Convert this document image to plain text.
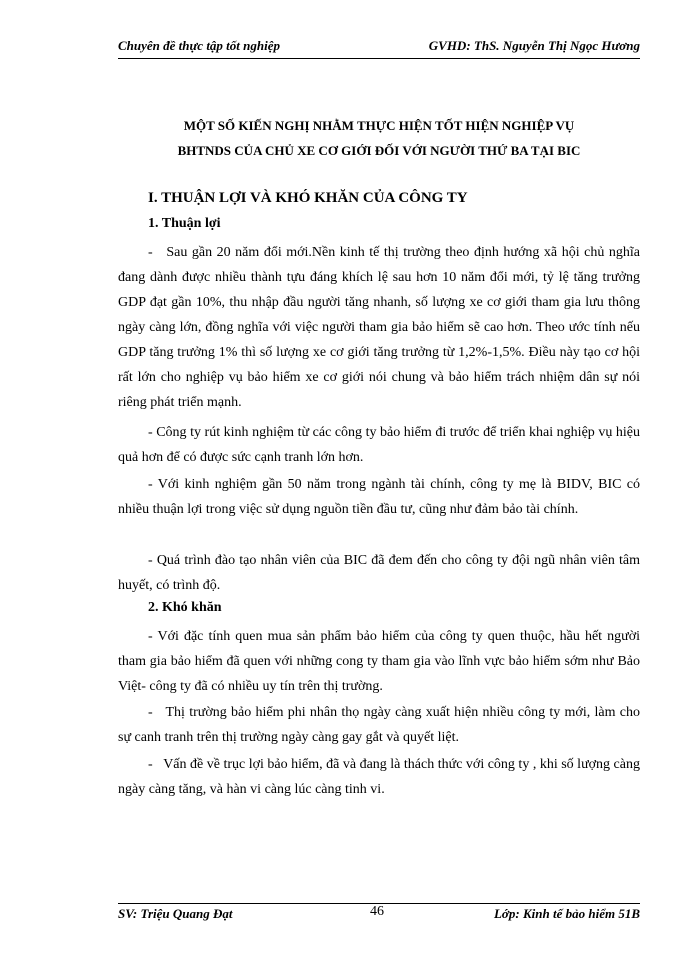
Chuyên đề thực tập tốt nghiệp	GVHD: ThS. Nguyễn Thị Ngọc Hương
MỘT SỐ KIẾN NGHỊ NHẰM THỰC HIỆN TỐT HIỆN NGHIỆP VỤ
BHTNDS CỦA CHỦ XE CƠ GIỚI ĐỐI VỚI NGƯỜI THỨ BA TẠI BIC
I. THUẬN LỢI VÀ KHÓ KHĂN CỦA CÔNG TY
1. Thuận lợi

-   Sau gần 20 năm đổi mới.Nền kinh tế thị trường theo định hướng xã hội chủ nghĩa đang dành được nhiều thành tựu đáng khích lệ sau hơn 10 năm đổi mới, tỷ lệ tăng trưởng GDP đạt gần 10%, thu nhập đầu người tăng nhanh, số lượng xe cơ giới tham gia lưu thông ngày càng lớn, đồng nghĩa với việc người tham gia bảo hiểm sẽ cao hơn. Theo ước tính nếu GDP tăng trưởng 1% thì số lượng xe cơ giới tăng trưởng từ 1,2%-1,5%. Điều này tạo cơ hội rất lớn cho nghiệp vụ bảo hiểm xe cơ giới nói chung và bảo hiểm trách nhiệm dân sự nói riêng phát triển mạnh.

- Công ty rút kinh nghiệm từ các công ty bảo hiểm đi trước để triển khai nghiệp vụ hiệu quả hơn để có được sức cạnh tranh lớn hơn.

- Với kinh nghiệm gần 50 năm trong ngành tài chính, công ty mẹ là BIDV, BIC có nhiều thuận lợi trong việc sử dụng nguồn tiền đầu tư, cũng như đảm bảo tài chính.

- Quá trình đào tạo nhân viên của BIC đã đem đến cho công ty đội ngũ nhân viên tâm huyết, có trình độ.

2. Khó khăn

- Với đặc tính quen mua sản phẩm bảo hiểm của công ty quen thuộc, hầu hết người tham gia bảo hiểm đã quen với những cong ty tham gia vào lĩnh vực bảo hiểm sớm như Bảo Việt- công ty đã có nhiều uy tín trên thị trường.

-   Thị trường bảo hiểm phi nhân thọ ngày càng xuất hiện nhiều công ty mới, làm cho sự canh tranh trên thị trường ngày càng gay gắt và quyết liệt.

-   Vấn đề về trục lợi bảo hiểm, đã và đang là thách thức với công ty , khi số lượng càng ngày càng tăng, và hàn vi càng lúc càng tinh vi.

SV: Triệu Quang Đạt	46	Lớp: Kinh tế bảo hiểm 51B
